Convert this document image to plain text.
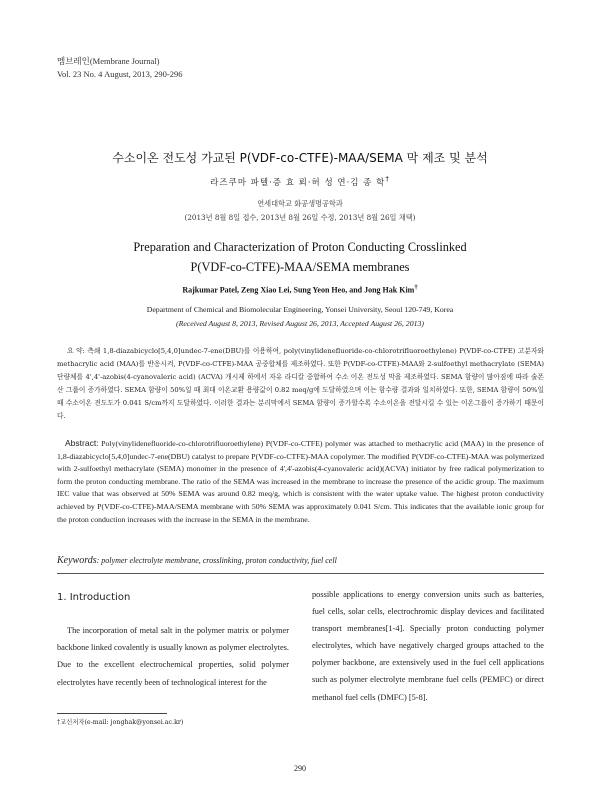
멤브레인(Membrane Journal)
Vol. 23 No. 4 August, 2013, 290-296
수소이온 전도성 가교된 P(VDF-co-CTFE)-MAA/SEMA 막 제조 및 분석
라즈쿠마 파텔·증 효 뢰·허 성 연·김 종 학†
연세대학교 화공생명공학과
(2013년 8월 8일 접수, 2013년 8월 26일 수정, 2013년 8월 26일 채택)
Preparation and Characterization of Proton Conducting Crosslinked
P(VDF-co-CTFE)-MAA/SEMA membranes
Rajkumar Patel, Zeng Xiao Lei, Sung Yeon Heo, and Jong Hak Kim†
Department of Chemical and Biomolecular Engineering, Yonsei University, Seoul 120-749, Korea
(Received August 8, 2013, Revised August 26, 2013, Accepted August 26, 2013)
요 약: 측쇄 1,8-diazabicyclo[5,4,0]undec-7-ene(DBU)를 이용하여, poly(vinylidenefluoride-co-chlorotrifluoroethylene) P(VDF-co-CTFE) 고분자와 methacrylic acid (MAA)를 반응시켜, P(VDF-co-CTFE)-MAA 공중합체를 제조하였다. 또한 P(VDF-co-CTFE)-MAA와 2-sulfoethyl methacrylate (SEMA) 단량체를 4',4'-azobis(4-cyanovaleric acid) (ACVA) 개시제 하에서 자유 라디칼 중합하여 수소 이온 전도성 막을 제조하였다. SEMA 함량이 많아짐에 따라 술폰산 그룹이 증가하였다. SEMA 함량이 50%일 때 최대 이온교환 용량값이 0.82 meq/g에 도달하였으며 이는 함수량 결과와 일치하였다. 또한, SEMA 함량이 50%일 때 수소이온 전도도가 0.041 S/cm까지 도달하였다. 이러한 결과는 분리막에서 SEMA 함량이 증가할수록 수소이온을 전달시킬 수 있는 이온그룹이 증가하기 때문이다.
Abstract: Poly(vinylidenefluoride-co-chlorotrifluoroethylene) P(VDF-co-CTFE) polymer was attached to methacrylic acid (MAA) in the presence of 1,8-diazabicyclo[5,4,0]undec-7-ene(DBU) catalyst to prepare P(VDF-co-CTFE)-MAA copolymer. The modified P(VDF-co-CTFE)-MAA was polymerized with 2-sulfoethyl methacrylate (SEMA) monomer in the presence of 4',4'-azobis(4-cyanovaleric acid)(ACVA) initiator by free radical polymerization to form the proton conducting membrane. The ratio of the SEMA was increased in the membrane to increase the presence of the acidic group. The maximum IEC value that was observed at 50% SEMA was around 0.82 meq/g, which is consistent with the water uptake value. The highest proton conductivity achieved by P(VDF-co-CTFE)-MAA/SEMA membrane with 50% SEMA was approximately 0.041 S/cm. This indicates that the available ionic group for the proton conduction increases with the increase in the SEMA in the membrane.
Keywords: polymer electrolyte membrane, crosslinking, proton conductivity, fuel cell
1. Introduction

The incorporation of metal salt in the polymer matrix or polymer backbone linked covalently is usually known as polymer electrolytes. Due to the excellent electrochemical properties, solid polymer electrolytes have recently been of technological interest for the

possible applications to energy conversion units such as batteries, fuel cells, solar cells, electrochromic display devices and facilitated transport membranes[1-4]. Specially proton conducting polymer electrolytes, which have negatively charged groups attached to the polymer backbone, are extensively used in the fuel cell applications such as polymer electrolyte membrane fuel cells (PEMFC) or direct methanol fuel cells (DMFC) [5-8].

†교신저자(e-mail: jonghak@yonsei.ac.kr)
290
